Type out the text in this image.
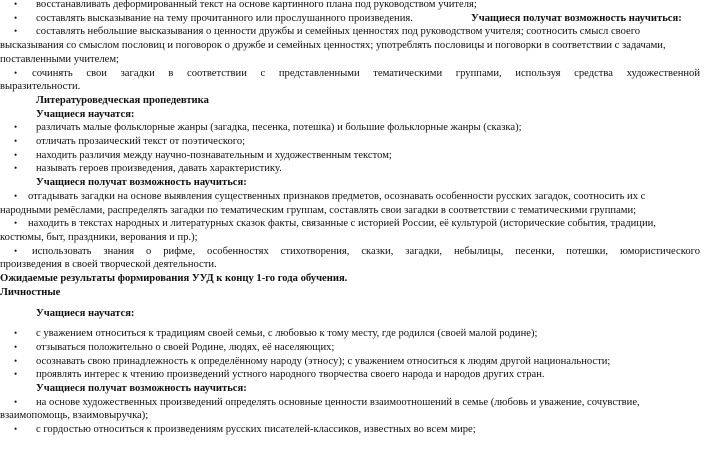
• восстанавливать деформированный текст на основе картинного плана под руководством учителя;
• составлять высказывание на тему прочитанного или прослушанного произведения.	Учащиеся получат возможность научиться:
• составлять небольшие высказывания о ценности дружбы и семейных ценностях под руководством учителя; соотносить смысл своего
высказывания со смыслом пословиц и поговорок о дружбе и семейных ценностях; употреблять пословицы и поговорки в соответствии с задачами,
поставленными учителем;
• сочинять свои загадки в соответствии с представленными тематическими группами, используя средства художественной
выразительности.
Литературоведческая пропедевтика
Учащиеся научатся:
• различать малые фольклорные жанры (загадка, песенка, потешка) и большие фольклорные жанры (сказка);
• отличать прозаический текст от поэтического;
• находить различия между научно-познавательным и художественным текстом;
• называть героев произведения, давать характеристику.
Учащиеся получат возможность научиться:
• отгадывать загадки на основе выявления существенных признаков предметов, осознавать особенности русских загадок, соотносить их с
народными ремёслами, распределять загадки по тематическим группам, составлять свои загадки в соответствии с тематическими группами;
• находить в текстах народных и литературных сказок факты, связанные с историей России, её культурой (исторические события, традиции,
костюмы, быт, праздники, верования и пр.);
• использовать знания о рифме, особенностях стихотворения, сказки, загадки, небылицы, песенки, потешки, юмористического
произведения в своей творческой деятельности.
Ожидаемые результаты формирования УУД к концу 1-го года обучения.
Личностные
Учащиеся научатся:
• с уважением относиться к традициям своей семьи, с любовью к тому месту, где родился (своей малой родине);
• отзываться положительно о своей Родине, людях, её населяющих;
• осознавать свою принадлежность к определённому народу (этносу); с уважением относиться к людям другой национальности;
• проявлять интерес к чтению произведений устного народного творчества своего народа и народов других стран.
Учащиеся получат возможность научиться:
• на основе художественных произведений определять основные ценности взаимоотношений в семье (любовь и уважение, сочувствие,
взаимопомощь, взаимовыручка);
• с гордостью относиться к произведениям русских писателей-классиков, известных во всем мире;
